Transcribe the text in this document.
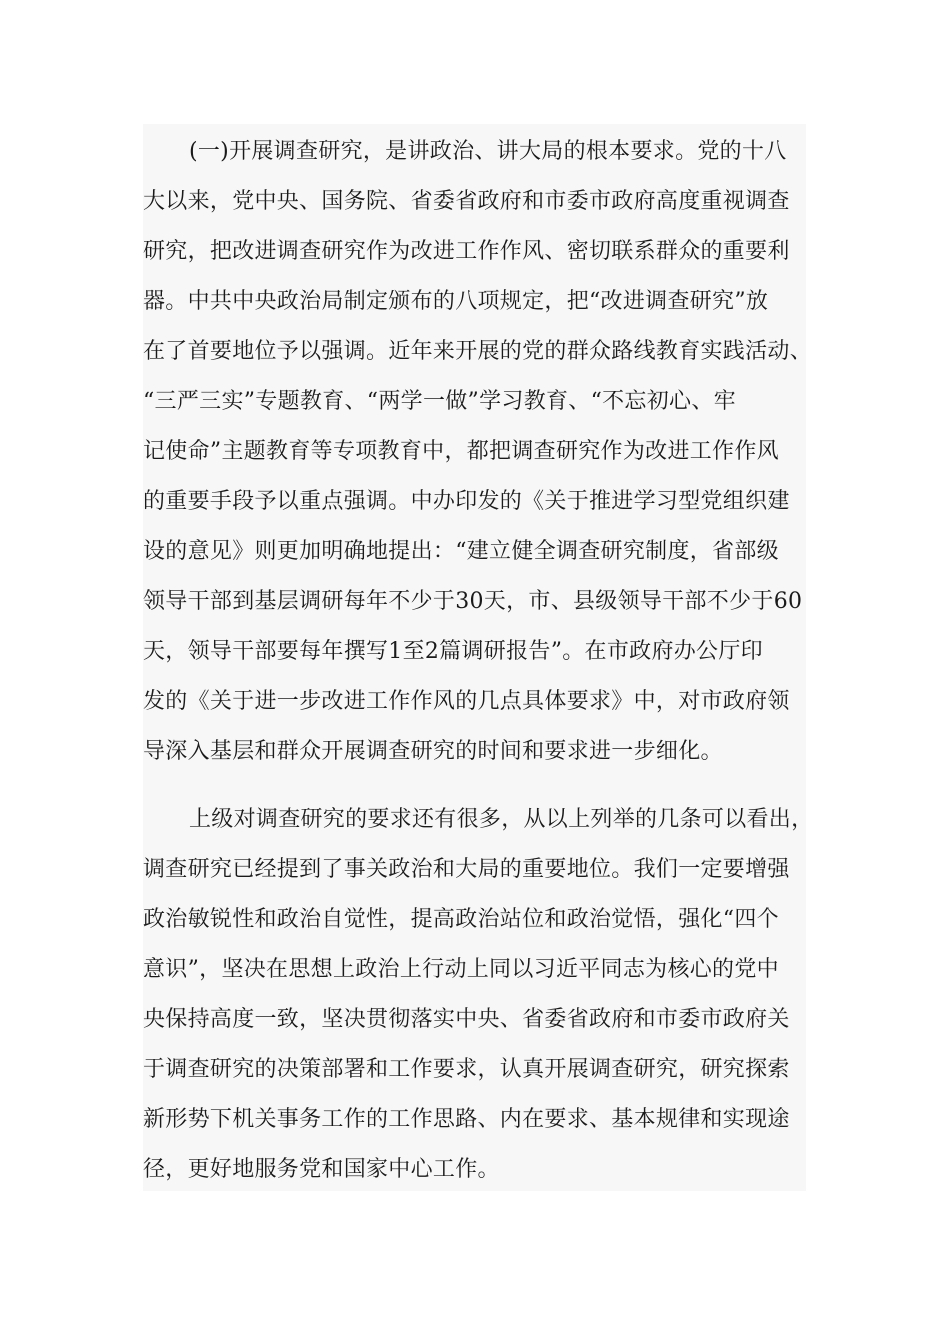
(一)开展调查研究，是讲政治、讲大局的根本要求。党的十八
大以来，党中央、国务院、省委省政府和市委市政府高度重视调查
研究，把改进调查研究作为改进工作作风、密切联系群众的重要利
器。中共中央政治局制定颁布的八项规定，把“改进调查研究”放
在了首要地位予以强调。近年来开展的党的群众路线教育实践活动、
“三严三实”专题教育、“两学一做”学习教育、“不忘初心、牢
记使命”主题教育等专项教育中，都把调查研究作为改进工作作风
的重要手段予以重点强调。中办印发的《关于推进学习型党组织建
设的意见》则更加明确地提出：“建立健全调查研究制度，省部级
领导干部到基层调研每年不少于30天，市、县级领导干部不少于60
天，领导干部要每年撰写1至2篇调研报告”。在市政府办公厅印
发的《关于进一步改进工作作风的几点具体要求》中，对市政府领
导深入基层和群众开展调查研究的时间和要求进一步细化。
上级对调查研究的要求还有很多，从以上列举的几条可以看出，
调查研究已经提到了事关政治和大局的重要地位。我们一定要增强
政治敏锐性和政治自觉性，提高政治站位和政治觉悟，强化“四个
意识”，坚决在思想上政治上行动上同以习近平同志为核心的党中
央保持高度一致，坚决贯彻落实中央、省委省政府和市委市政府关
于调查研究的决策部署和工作要求，认真开展调查研究，研究探索
新形势下机关事务工作的工作思路、内在要求、基本规律和实现途
径，更好地服务党和国家中心工作。
